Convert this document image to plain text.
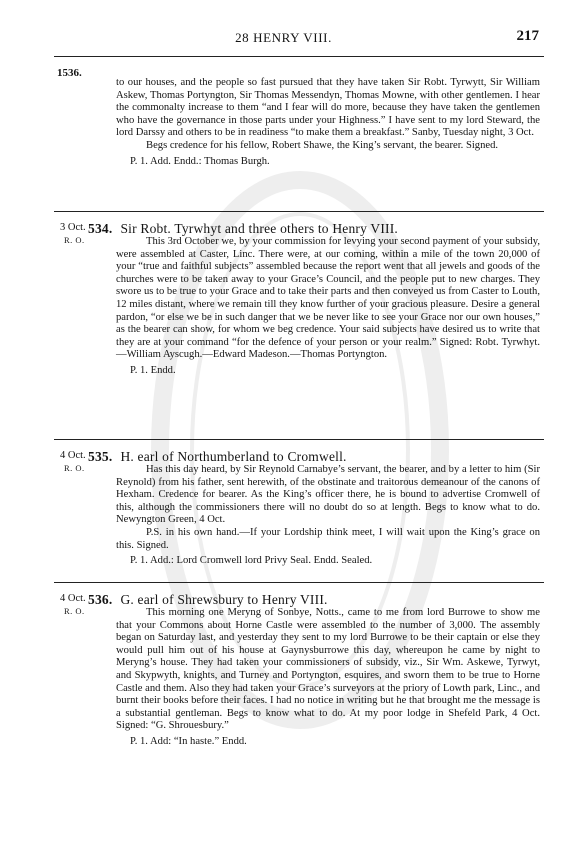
28 HENRY VIII.	217
1536.

to our houses, and the people so fast pursued that they have taken Sir Robt. Tyrwytt, Sir William Askew, Thomas Portyngton, Sir Thomas Messendyn, Thomas Mowne, with other gentlemen. I hear the commonalty increase to them “and I fear will do more, because they have taken the gentlemen who have the governance in those parts under your Highness.” I have sent to my lord Steward, the lord Darssy and others to be in readiness “to make them a breakfast.” Sanby, Tuesday night, 3 Oct.

Begs credence for his fellow, Robert Shawe, the King’s servant, the bearer. Signed.

P. 1. Add. Endd.: Thomas Burgh.
3 Oct.
R. O.
534. Sir Robt. Tyrwhyt and three others to Henry VIII.

This 3rd October we, by your commission for levying your second payment of your subsidy, were assembled at Caster, Linc. There were, at our coming, within a mile of the town 20,000 of your “true and faithful subjects” assembled because the report went that all jewels and goods of the churches were to be taken away to your Grace’s Council, and the people put to new charges. They swore us to be true to your Grace and to take their parts and then conveyed us from Caster to Louth, 12 miles distant, where we remain till they know further of your gracious pleasure. Desire a general pardon, “or else we be in such danger that we be never like to see your Grace nor our own houses,” as the bearer can show, for whom we beg credence. Your said subjects have desired us to write that they are at your command “for the defence of your person or your realm.” Signed: Robt. Tyrwhyt.—William Ayscugh.—Edward Madeson.—Thomas Portyngton.

P. 1. Endd.
4 Oct.
R. O.
535. H. earl of Northumberland to Cromwell.

Has this day heard, by Sir Reynold Carnabye’s servant, the bearer, and by a letter to him (Sir Reynold) from his father, sent herewith, of the obstinate and traitorous demeanour of the canons of Hexham. Credence for bearer. As the King’s officer there, he is bound to advertise Cromwell of this, although the commissioners there will no doubt do so at length. Begs to know what to do. Newyngton Green, 4 Oct.

P.S. in his own hand.—If your Lordship think meet, I will wait upon the King’s grace on this. Signed.

P. 1. Add.: Lord Cromwell lord Privy Seal. Endd. Sealed.
4 Oct.
R. O.
536. G. earl of Shrewsbury to Henry VIII.

This morning one Meryng of Sonbye, Notts., came to me from lord Burrowe to show me that your Commons about Horne Castle were assembled to the number of 3,000. The assembly began on Saturday last, and yesterday they sent to my lord Burrowe to be their captain or else they would pull him out of his house at Gaynysburrowe this day, whereupon he came by night to Meryng’s house. They had taken your commissioners of subsidy, viz., Sir Wm. Askewe, Tyrwyt, and Skypwyth, knights, and Turney and Portyngton, esquires, and sworn them to be true to Horne Castle and them. Also they had taken your Grace’s surveyors at the priory of Lowth park, Linc., and burnt their books before their faces. I had no notice in writing but he that brought me the message is a substantial gentleman. Begs to know what to do. At my poor lodge in Shefeld Park, 4 Oct. Signed: “G. Shrouesbury.”

P. 1. Add: “In haste.” Endd.
